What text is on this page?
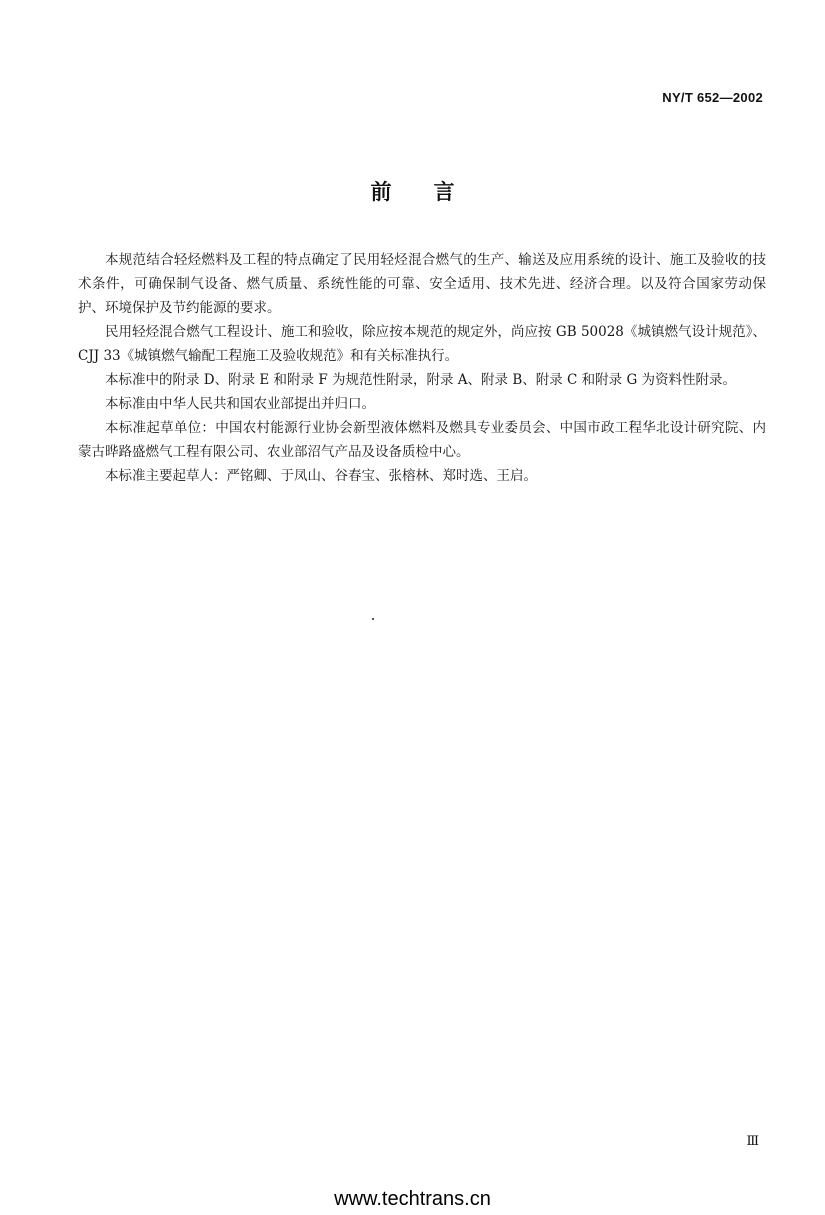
NY/T 652—2002
前言

本规范结合轻烃燃料及工程的特点确定了民用轻烃混合燃气的生产、输送及应用系统的设计、施工及验收的技术条件，可确保制气设备、燃气质量、系统性能的可靠、安全适用、技术先进、经济合理。以及符合国家劳动保护、环境保护及节约能源的要求。

民用轻烃混合燃气工程设计、施工和验收，除应按本规范的规定外，尚应按 GB 50028《城镇燃气设计规范》、CJJ 33《城镇燃气输配工程施工及验收规范》和有关标准执行。

本标准中的附录 D、附录 E 和附录 F 为规范性附录，附录 A、附录 B、附录 C 和附录 G 为资料性附录。

本标准由中华人民共和国农业部提出并归口。

本标准起草单位：中国农村能源行业协会新型液体燃料及燃具专业委员会、中国市政工程华北设计研究院、内蒙古晔路盛燃气工程有限公司、农业部沼气产品及设备质检中心。

本标准主要起草人：严铭卿、于凤山、谷春宝、张榕林、郑时选、王启。

Ⅲ
www.techtrans.cn
